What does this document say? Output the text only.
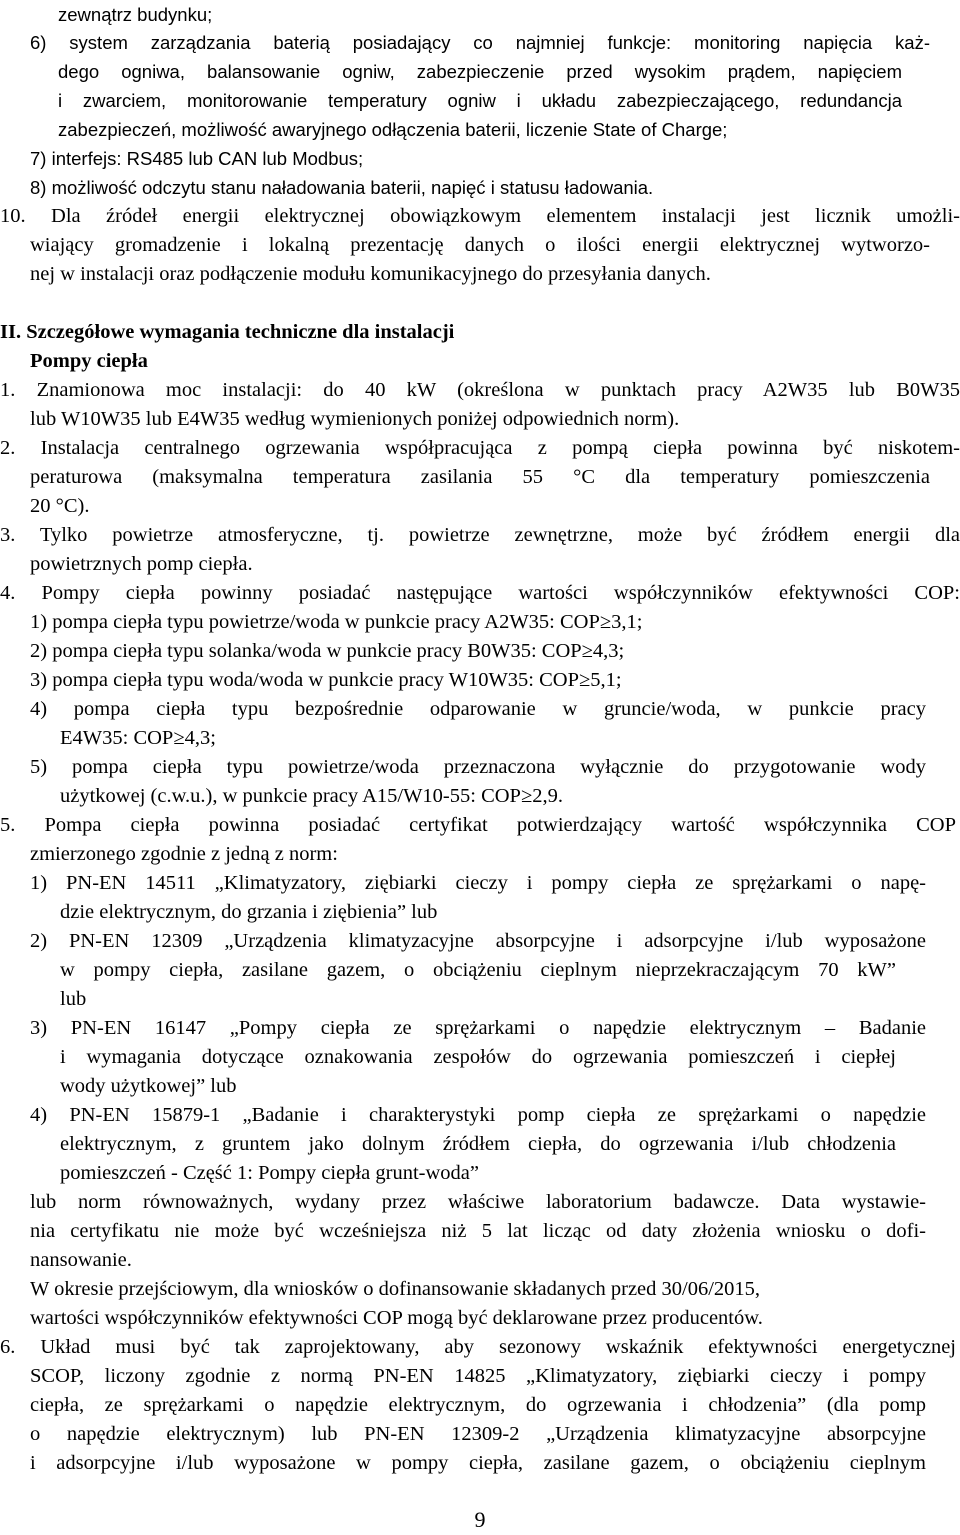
zewnątrz budynku;
6) system zarządzania baterią posiadający co najmniej funkcje: monitoring napięcia każ-
dego ogniwa, balansowanie ogniw, zabezpieczenie przed wysokim prądem, napięciem
i zwarciem, monitorowanie temperatury ogniw i układu zabezpieczającego, redundancja
zabezpieczeń, możliwość awaryjnego odłączenia baterii, liczenie State of Charge;
7) interfejs: RS485 lub CAN lub Modbus;
8) możliwość odczytu stanu naładowania baterii, napięć i statusu ładowania.
10. Dla źródeł energii elektrycznej obowiązkowym elementem instalacji jest licznik umożli-
wiający gromadzenie i lokalną prezentację danych o ilości energii elektrycznej wytworzo-
nej w instalacji oraz podłączenie modułu komunikacyjnego do przesyłania danych.
II. Szczegółowe wymagania techniczne dla instalacji
Pompy ciepła
1. Znamionowa moc instalacji: do 40 kW (określona w punktach pracy A2W35 lub B0W35
lub W10W35 lub E4W35 według wymienionych poniżej odpowiednich norm).
2. Instalacja centralnego ogrzewania współpracująca z pompą ciepła powinna być niskotem-
peraturowa (maksymalna temperatura zasilania 55 °C dla temperatury pomieszczenia
20 °C).
3. Tylko powietrze atmosferyczne, tj. powietrze zewnętrzne, może być źródłem energii dla
powietrznych pomp ciepła.
4. Pompy ciepła powinny posiadać następujące wartości współczynników efektywności COP:
1) pompa ciepła typu powietrze/woda w punkcie pracy A2W35: COP≥3,1;
2) pompa ciepła typu solanka/woda w punkcie pracy B0W35: COP≥4,3;
3) pompa ciepła typu woda/woda w punkcie pracy W10W35: COP≥5,1;
4) pompa ciepła typu bezpośrednie odparowanie w gruncie/woda, w punkcie pracy
E4W35: COP≥4,3;
5) pompa ciepła typu powietrze/woda przeznaczona wyłącznie do przygotowanie wody
użytkowej (c.w.u.), w punkcie pracy A15/W10-55: COP≥2,9.
5. Pompa ciepła powinna posiadać certyfikat potwierdzający wartość współczynnika COP
zmierzonego zgodnie z jedną z norm:
1) PN-EN 14511 „Klimatyzatory, ziębiarki cieczy i pompy ciepła ze sprężarkami o napę-
dzie elektrycznym, do grzania i ziębienia” lub
2) PN-EN 12309 „Urządzenia klimatyzacyjne absorpcyjne i adsorpcyjne i/lub wyposażone
w pompy ciepła, zasilane gazem, o obciążeniu cieplnym nieprzekraczającym 70 kW”
lub
3) PN-EN 16147 „Pompy ciepła ze sprężarkami o napędzie elektrycznym – Badanie
i wymagania dotyczące oznakowania zespołów do ogrzewania pomieszczeń i ciepłej
wody użytkowej” lub
4) PN-EN 15879-1 „Badanie i charakterystyki pomp ciepła ze sprężarkami o napędzie
elektrycznym, z gruntem jako dolnym źródłem ciepła, do ogrzewania i/lub chłodzenia
pomieszczeń - Część 1: Pompy ciepła grunt-woda”
lub norm równoważnych, wydany przez właściwe laboratorium badawcze. Data wystawie-
nia certyfikatu nie może być wcześniejsza niż 5 lat licząc od daty złożenia wniosku o dofi-
nansowanie.
W okresie przejściowym, dla wniosków o dofinansowanie składanych przed 30/06/2015,
wartości współczynników efektywności COP mogą być deklarowane przez producentów.
6. Układ musi być tak zaprojektowany, aby sezonowy wskaźnik efektywności energetycznej
SCOP, liczony zgodnie z normą PN-EN 14825 „Klimatyzatory, ziębiarki cieczy i pompy
ciepła, ze sprężarkami o napędzie elektrycznym, do ogrzewania i chłodzenia” (dla pomp
o napędzie elektrycznym) lub PN-EN 12309-2 „Urządzenia klimatyzacyjne absorpcyjne
i adsorpcyjne i/lub wyposażone w pompy ciepła, zasilane gazem, o obciążeniu cieplnym
9
